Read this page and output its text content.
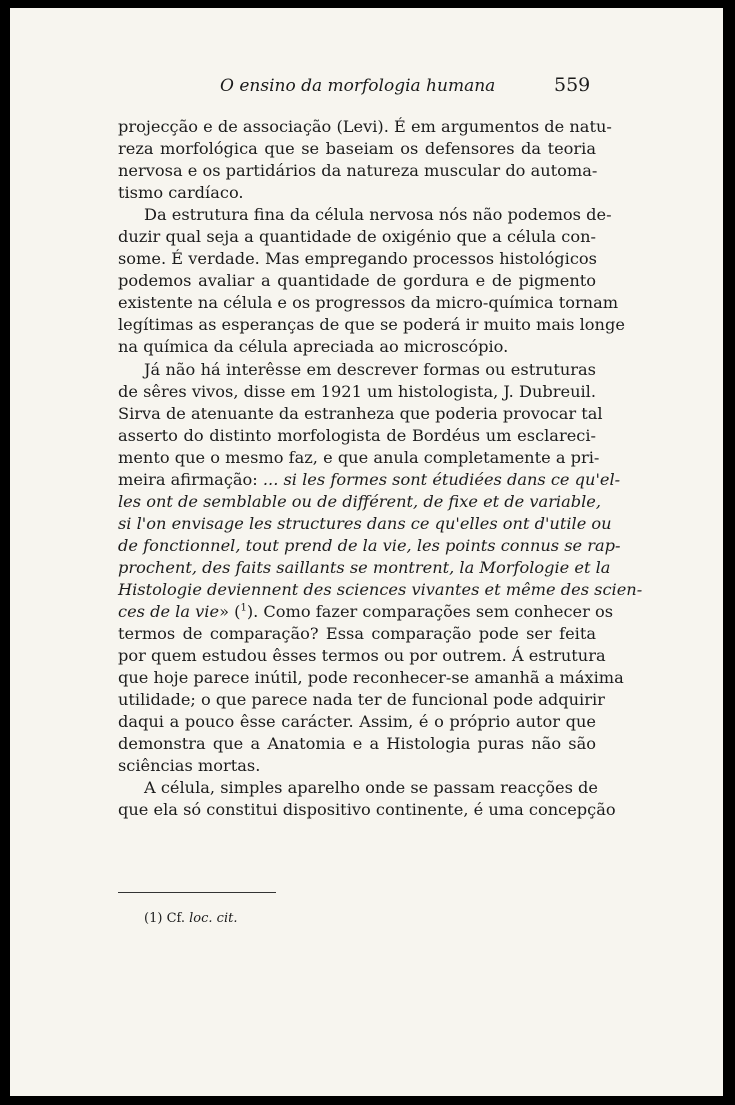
O ensino da morfologia humana	559
projecção e de associação (Levi). É em argumentos de natu-
reza morfológica que se baseiam os defensores da teoria
nervosa e os partidários da natureza muscular do automa-
tismo cardíaco.
Da estrutura fina da célula nervosa nós não podemos de-
duzir qual seja a quantidade de oxigénio que a célula con-
some. É verdade. Mas empregando processos histológicos
podemos avaliar a quantidade de gordura e de pigmento
existente na célula e os progressos da micro-química tornam
legítimas as esperanças de que se poderá ir muito mais longe
na química da célula apreciada ao microscópio.
Já não há interêsse em descrever formas ou estruturas
de sêres vivos, disse em 1921 um histologista, J. Dubreuil.
Sirva de atenuante da estranheza que poderia provocar tal
asserto do distinto morfologista de Bordéus um esclareci-
mento que o mesmo faz, e que anula completamente a pri-
meira afirmação: ... si les formes sont étudiées dans ce qu'el-
les ont de semblable ou de différent, de fixe et de variable,
si l'on envisage les structures dans ce qu'elles ont d'utile ou
de fonctionnel, tout prend de la vie, les points connus se rap-
prochent, des faits saillants se montrent, la Morfologie et la
Histologie deviennent des sciences vivantes et même des scien-
ces de la vie» ($^1$). Como fazer comparações sem conhecer os
termos de comparação? Essa comparação pode ser feita
por quem estudou êsses termos ou por outrem. Á estrutura
que hoje parece inútil, pode reconhecer-se amanhã a máxima
utilidade; o que parece nada ter de funcional pode adquirir
daqui a pouco êsse carácter. Assim, é o próprio autor que
demonstra que a Anatomia e a Histologia puras não são
sciências mortas.
A célula, simples aparelho onde se passam reacções de
que ela só constitui dispositivo continente, é uma concepção
(1) Cf. loc. cit.
